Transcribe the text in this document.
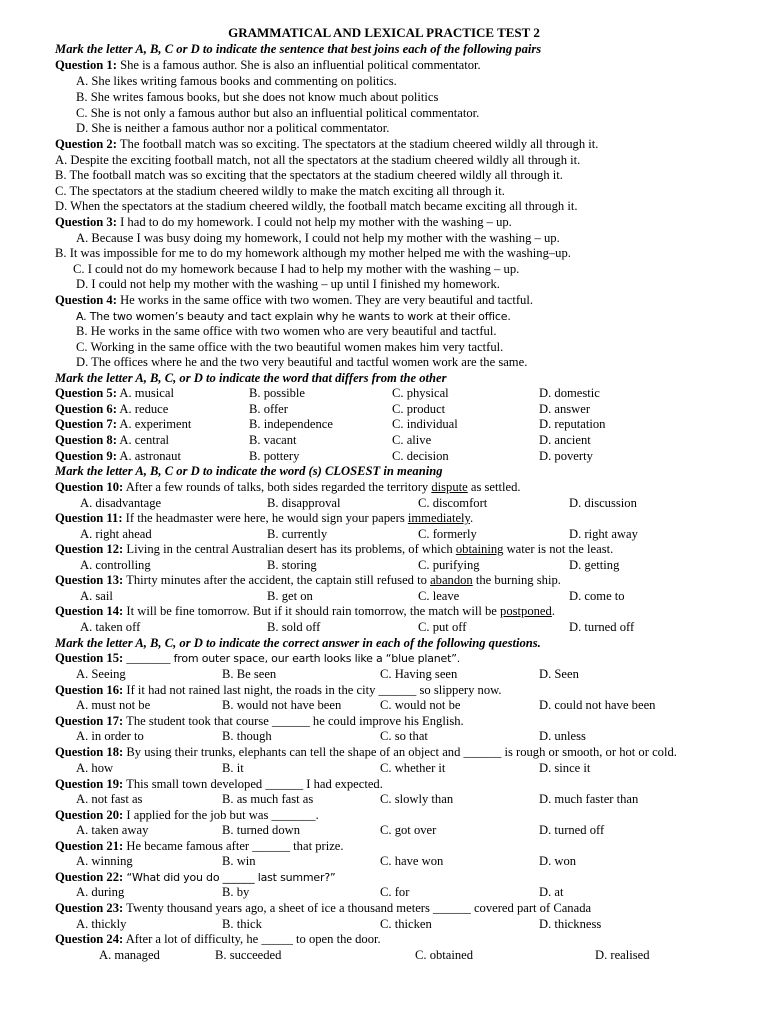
GRAMMATICAL AND LEXICAL PRACTICE TEST 2
Mark the letter A, B, C or D to indicate the sentence that best joins each of the following pairs
Question 1: She is a famous author. She is also an influential political commentator.
A. She likes writing famous books and commenting on politics.
B. She writes famous books, but she does not know much about politics
C. She is not only a famous author but also an influential political commentator.
D. She is neither a famous author nor a political commentator.
Question 2: The football match was so exciting. The spectators at the stadium cheered wildly all through it.
A. Despite the exciting football match, not all the spectators at the stadium cheered wildly all through it.
B. The football match was so exciting that the spectators at the stadium cheered wildly all through it.
C. The spectators at the stadium cheered wildly to make the match exciting all through it.
D. When the spectators at the stadium cheered wildly, the football match became exciting all through it.
Question 3: I had to do my homework. I could not help my mother with the washing – up.
A. Because I was busy doing my homework, I could not help my mother with the washing – up.
B. It was impossible for me to do my homework although my mother helped me with the washing–up.
C. I could not do my homework because I had to help my mother with the washing – up.
D. I could not help my mother with the washing – up until I finished my homework.
Question 4: He works in the same office with two women. They are very beautiful and tactful.
A. The two women’s beauty and tact explain why he wants to work at their office.
B. He works in the same office with two women who are very beautiful and tactful.
C. Working in the same office with the two beautiful women makes him very tactful.
D. The offices where he and the two very beautiful and tactful women work are the same.
Mark the letter A, B, C, or D to indicate the word that differs from the other
Question 5: A. musical	B. possible	C. physical	D. domestic
Question 6: A. reduce	B. offer	C. product	D. answer
Question 7: A. experiment	B. independence	C. individual	D. reputation
Question 8: A. central	B. vacant	C. alive	D. ancient
Question 9: A. astronaut	B. pottery	C. decision	D. poverty
Mark the letter A, B, C or D to indicate the word (s) CLOSEST in meaning
Question 10: After a few rounds of talks, both sides regarded the territory dispute as settled.
A. disadvantage	B. disapproval	C. discomfort	D. discussion
Question 11: If the headmaster were here, he would sign your papers immediately.
A. right ahead	B. currently	C. formerly	D. right away
Question 12: Living in the central Australian desert has its problems, of which obtaining water is not the least.
A. controlling	B. storing	C. purifying	D. getting
Question 13: Thirty minutes after the accident, the captain still refused to abandon the burning ship.
A. sail	B. get on	C. leave	D. come to
Question 14: It will be fine tomorrow. But if it should rain tomorrow, the match will be postponed.
A. taken off	B. sold off	C. put off	D. turned off
Mark the letter A, B, C, or D to indicate the correct answer in each of the following questions.
Question 15: _______ from outer space, our earth looks like a “blue planet”.
A. Seeing	B. Be seen	C. Having seen	D. Seen
Question 16: If it had not rained last night, the roads in the city ______ so slippery now.
A. must not be	B. would not have been	C. would not be	D. could not have been
Question 17: The student took that course ______ he could improve his English.
A. in order to	B. though	C. so that	D. unless
Question 18: By using their trunks, elephants can tell the shape of an object and ______ is rough or smooth, or hot or cold.
A. how	B. it	C. whether it	D. since it
Question 19: This small town developed ______ I had expected.
A. not fast as	B. as much fast as	C. slowly than	D. much faster than
Question 20: I applied for the job but was _______.
A. taken away	B. turned down	C. got over	D. turned off
Question 21: He became famous after ______ that prize.
A. winning	B. win	C. have won	D. won
Question 22: “What did you do ______ last summer?”
A. during	B. by	C. for	D. at
Question 23: Twenty thousand years ago, a sheet of ice a thousand meters ______ covered part of Canada
A. thickly	B. thick	C. thicken	D. thickness
Question 24: After a lot of difficulty, he _____ to open the door.
A. managed	B. succeeded	C. obtained	D. realised
